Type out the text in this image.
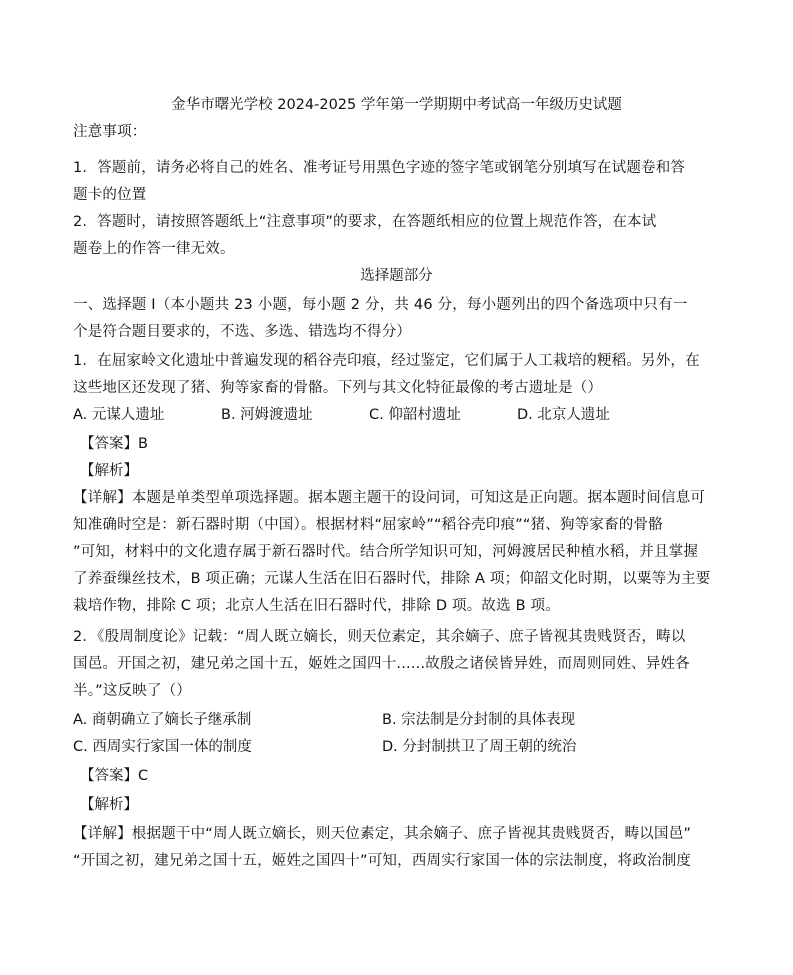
金华市曙光学校 2024-2025 学年第一学期期中考试高一年级历史试题
注意事项：
1．答题前，请务必将自己的姓名、准考证号用黑色字迹的签字笔或钢笔分别填写在试题卷和答
题卡的位置
2．答题时，请按照答题纸上“注意事项”的要求，在答题纸相应的位置上规范作答，在本试
题卷上的作答一律无效。
选择题部分
一、选择题 I（本小题共 23 小题，每小题 2 分，共 46 分，每小题列出的四个备选项中只有一
个是符合题目要求的，不选、多选、错选均不得分）
1．在屈家岭文化遗址中普遍发现的稻谷壳印痕，经过鉴定，它们属于人工栽培的粳稻。另外，在
这些地区还发现了猪、狗等家畜的骨骼。下列与其文化特征最像的考古遗址是（）
A. 元谋人遗址	B. 河姆渡遗址	C. 仰韶村遗址	D. 北京人遗址
【答案】B
【解析】
【详解】本题是单类型单项选择题。据本题主题干的设问词，可知这是正向题。据本题时间信息可
知准确时空是：新石器时期（中国）。根据材料“屈家岭”“稻谷壳印痕”“猪、狗等家畜的骨骼
”可知，材料中的文化遗存属于新石器时代。结合所学知识可知，河姆渡居民种植水稻，并且掌握
了养蚕缫丝技术，B 项正确；元谋人生活在旧石器时代，排除 A 项；仰韶文化时期，以粟等为主要
栽培作物，排除 C 项；北京人生活在旧石器时代，排除 D 项。故选 B 项。
2．《殷周制度论》记载：“周人既立嫡长，则天位素定，其余嫡子、庶子皆视其贵贱贤否，畴以
国邑。开国之初，建兄弟之国十五，姬姓之国四十......故殷之诸侯皆异姓，而周则同姓、异姓各
半。”这反映了（）
A. 商朝确立了嫡长子继承制	B. 宗法制是分封制的具体表现
C. 西周实行家国一体的制度	D. 分封制拱卫了周王朝的统治
【答案】C
【解析】
【详解】根据题干中“周人既立嫡长，则天位素定，其余嫡子、庶子皆视其贵贱贤否，畴以国邑”
“开国之初，建兄弟之国十五，姬姓之国四十”可知，西周实行家国一体的宗法制度，将政治制度
